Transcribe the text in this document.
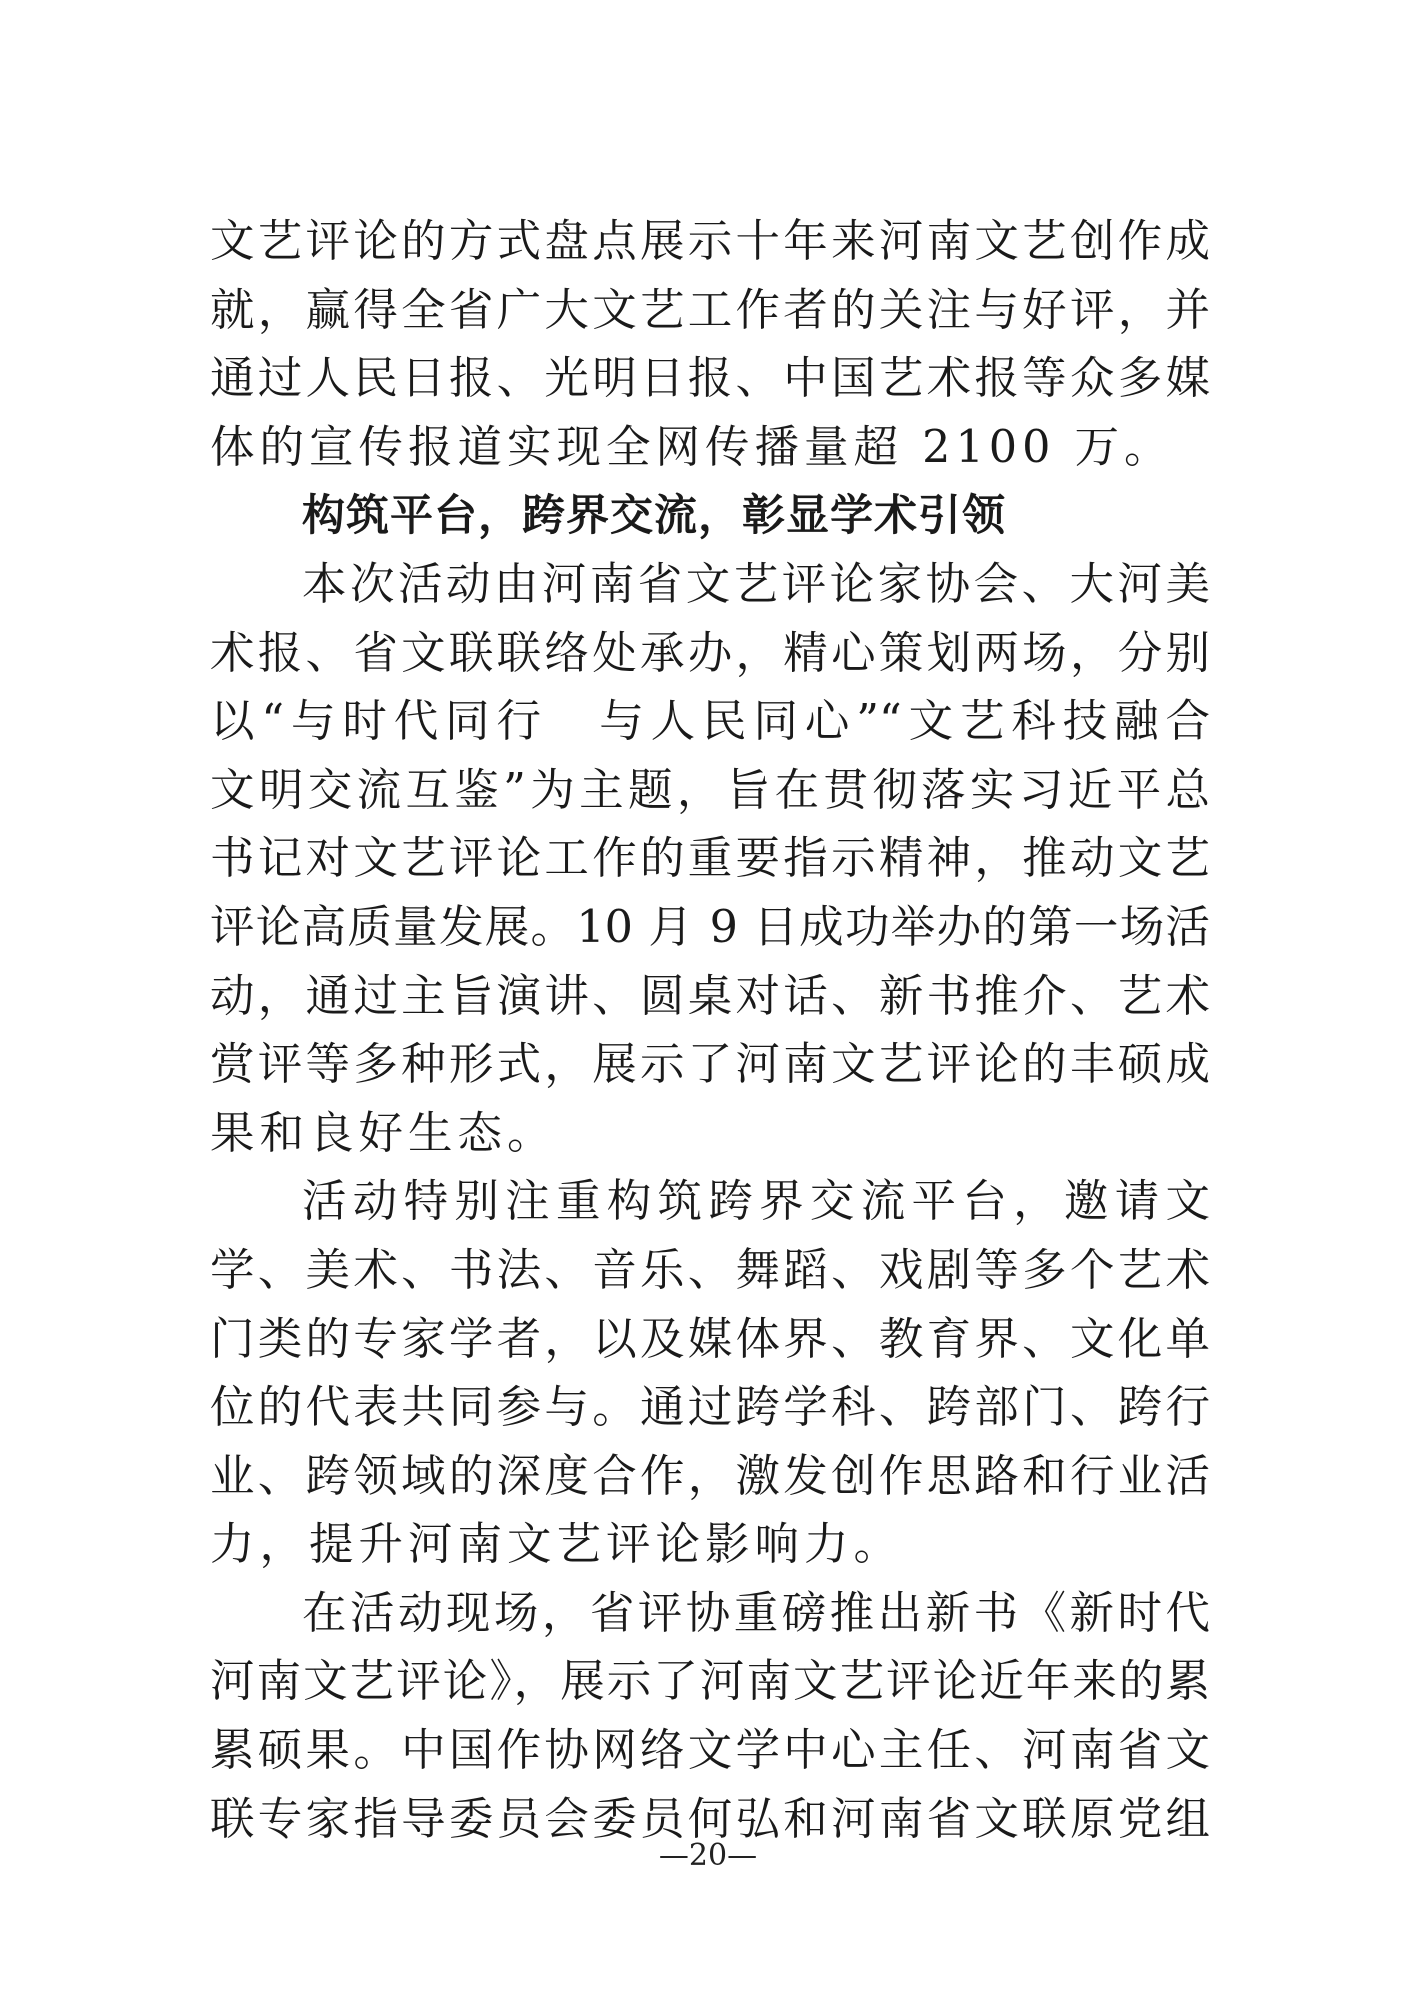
文艺评论的方式盘点展示十年来河南文艺创作成
就，赢得全省广大文艺工作者的关注与好评，并
通过人民日报、光明日报、中国艺术报等众多媒
体的宣传报道实现全网传播量超 2100 万。
构筑平台，跨界交流，彰显学术引领
本次活动由河南省文艺评论家协会、大河美
术报、省文联联络处承办，精心策划两场，分别
以“与时代同行　与人民同心”“文艺科技融合
文明交流互鉴”为主题，旨在贯彻落实习近平总
书记对文艺评论工作的重要指示精神，推动文艺
评论高质量发展。10 月 9 日成功举办的第一场活
动，通过主旨演讲、圆桌对话、新书推介、艺术
赏评等多种形式，展示了河南文艺评论的丰硕成
果和良好生态。
活动特别注重构筑跨界交流平台，邀请文
学、美术、书法、音乐、舞蹈、戏剧等多个艺术
门类的专家学者，以及媒体界、教育界、文化单
位的代表共同参与。通过跨学科、跨部门、跨行
业、跨领域的深度合作，激发创作思路和行业活
力，提升河南文艺评论影响力。
在活动现场，省评协重磅推出新书《新时代
河南文艺评论》，展示了河南文艺评论近年来的累
累硕果。中国作协网络文学中心主任、河南省文
联专家指导委员会委员何弘和河南省文联原党组
—20—
